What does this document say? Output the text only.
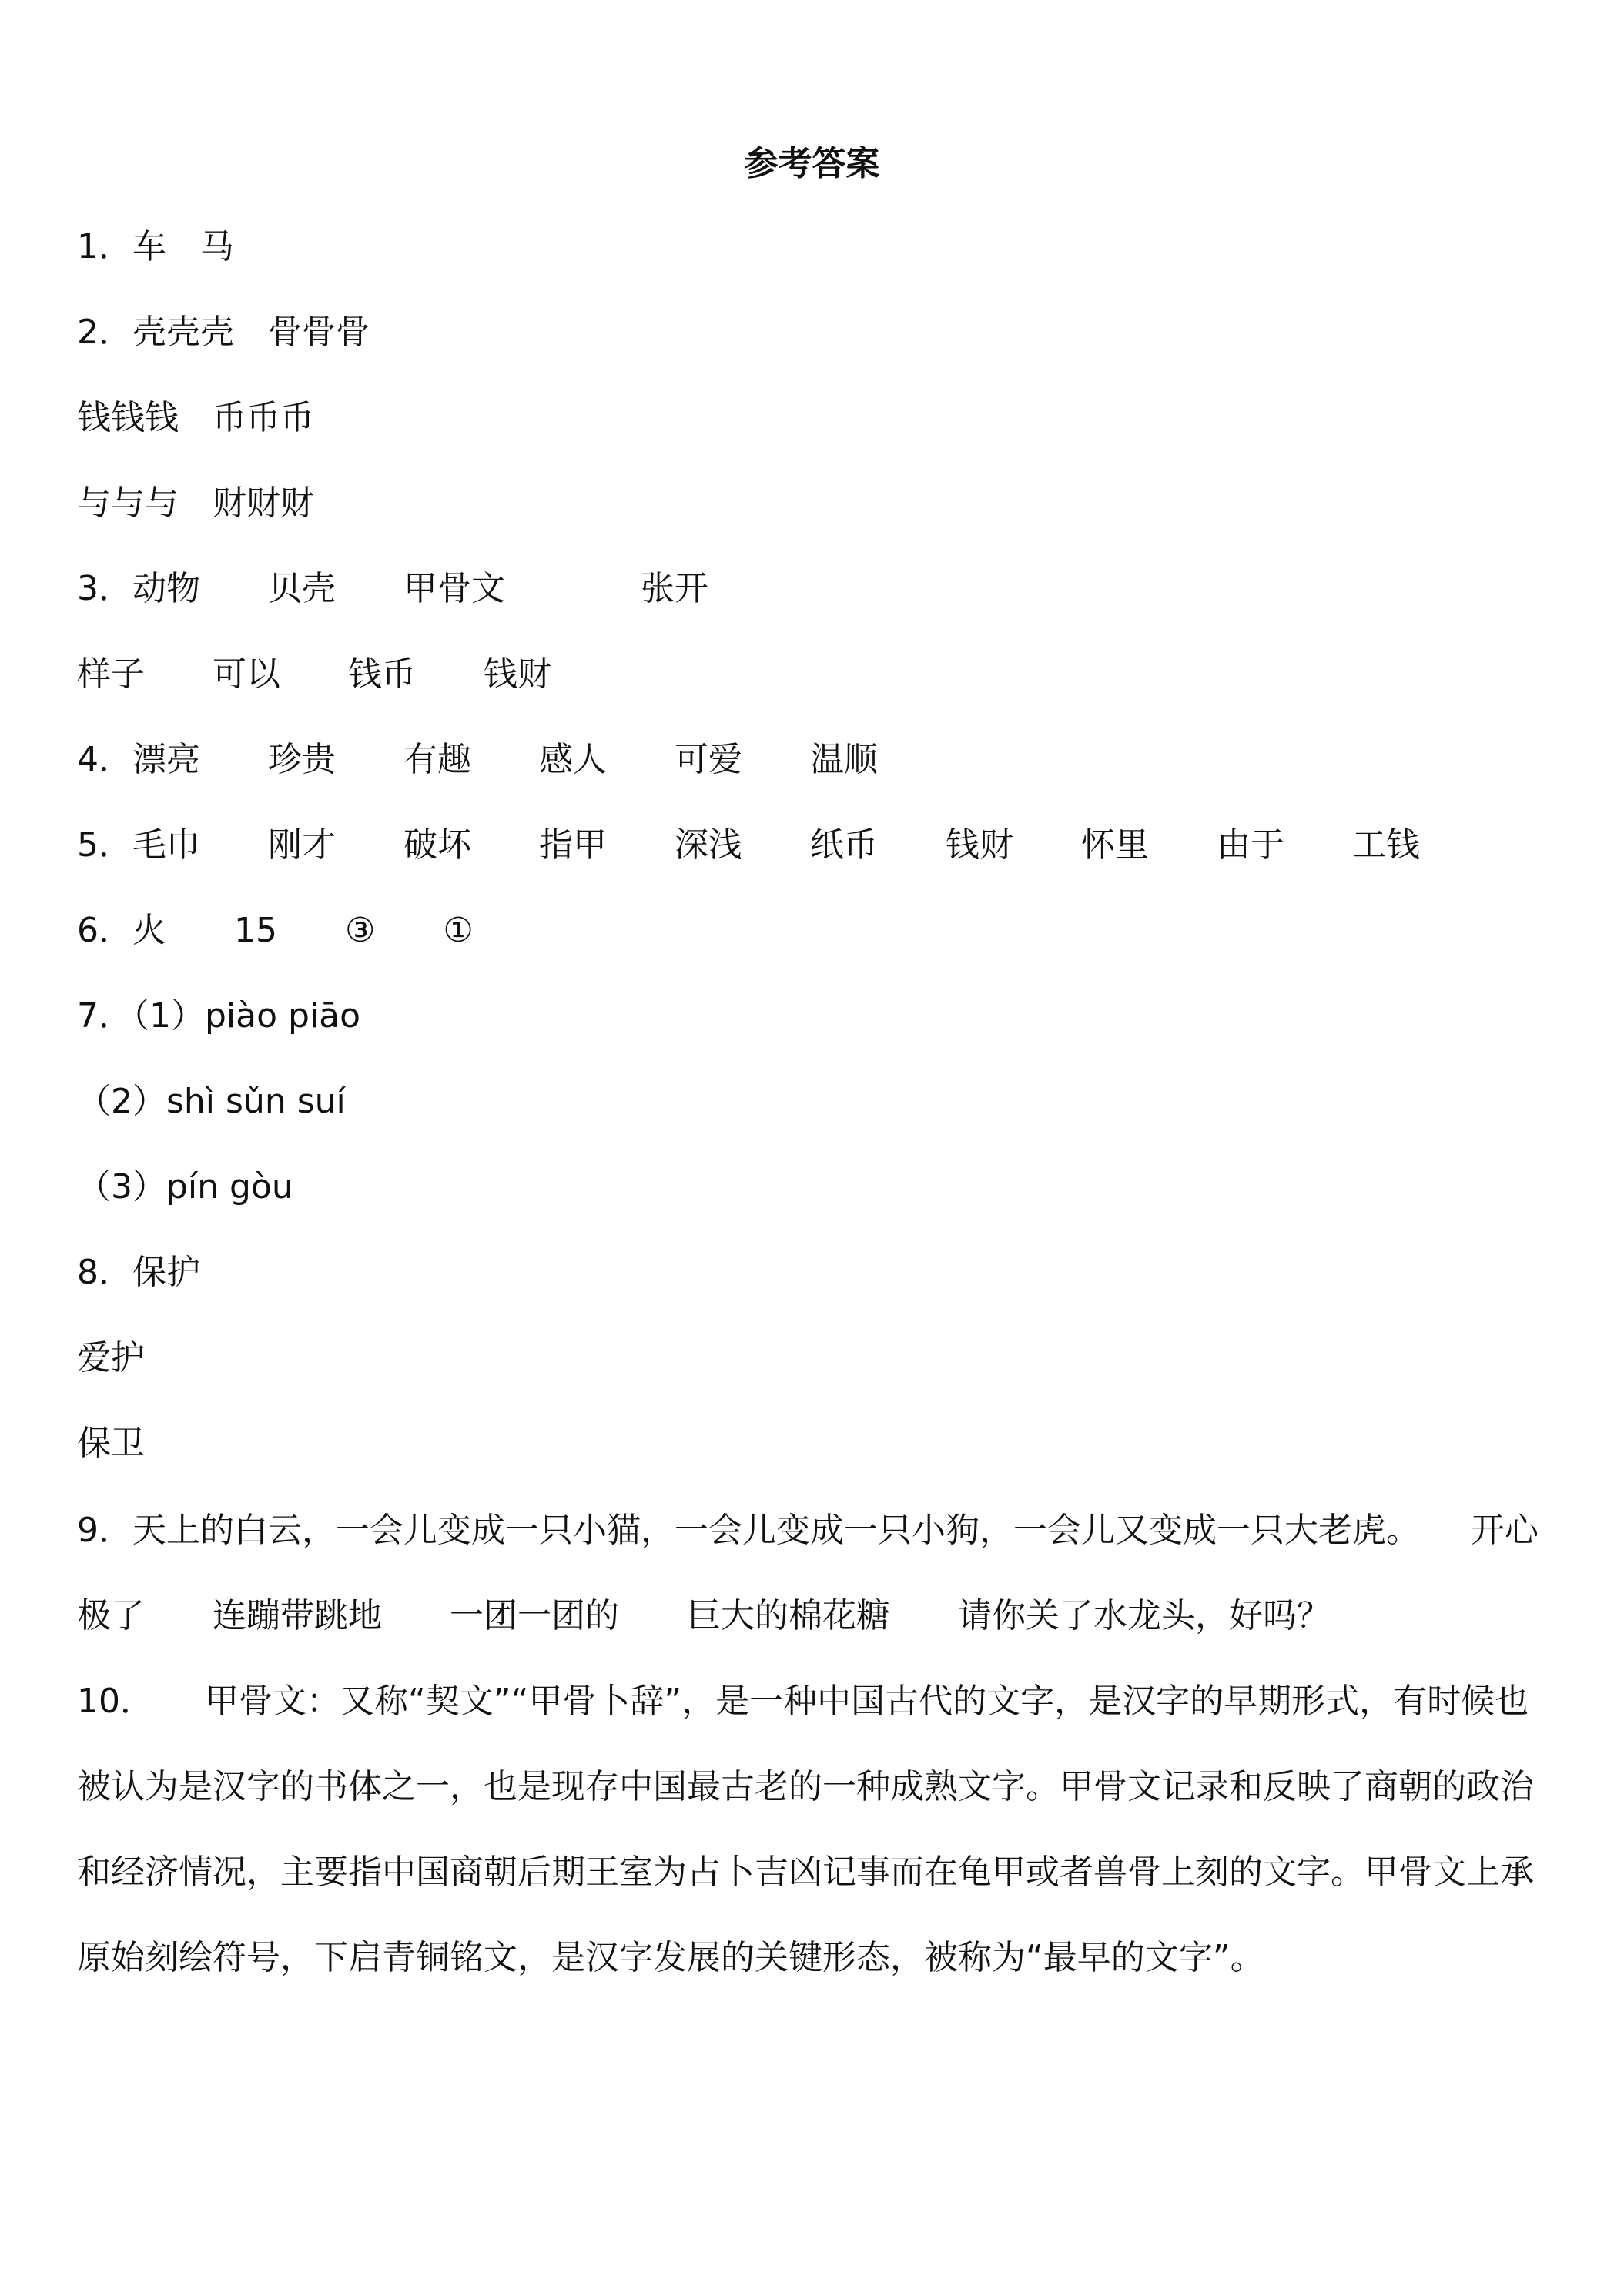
参考答案
1．车　马
2．壳壳壳　骨骨骨
钱钱钱　币币币
与与与　财财财
3．动物　　贝壳　　甲骨文　　　　张开
样子　　可以　　钱币　　钱财
4．漂亮　　珍贵　　有趣　　感人　　可爱　　温顺
5．毛巾　　刚才　　破坏　　指甲　　深浅　　纸币　　钱财　　怀里　　由于　　工钱
6．火　　15　　③　　①
7．（1）piào piāo
（2）shì sǔn suí
（3）pín gòu
8．保护
爱护
保卫
9．天上的白云，一会儿变成一只小猫，一会儿变成一只小狗，一会儿又变成一只大老虎。　　开心极了　　连蹦带跳地　　一团一团的　　巨大的棉花糖　　请你关了水龙头，好吗？
10．　　甲骨文：又称“契文”“甲骨卜辞”，是一种中国古代的文字，是汉字的早期形式，有时候也被认为是汉字的书体之一，也是现存中国最古老的一种成熟文字。甲骨文记录和反映了商朝的政治和经济情况，主要指中国商朝后期王室为占卜吉凶记事而在龟甲或者兽骨上刻的文字。甲骨文上承原始刻绘符号，下启青铜铭文，是汉字发展的关键形态，被称为“最早的文字”。
